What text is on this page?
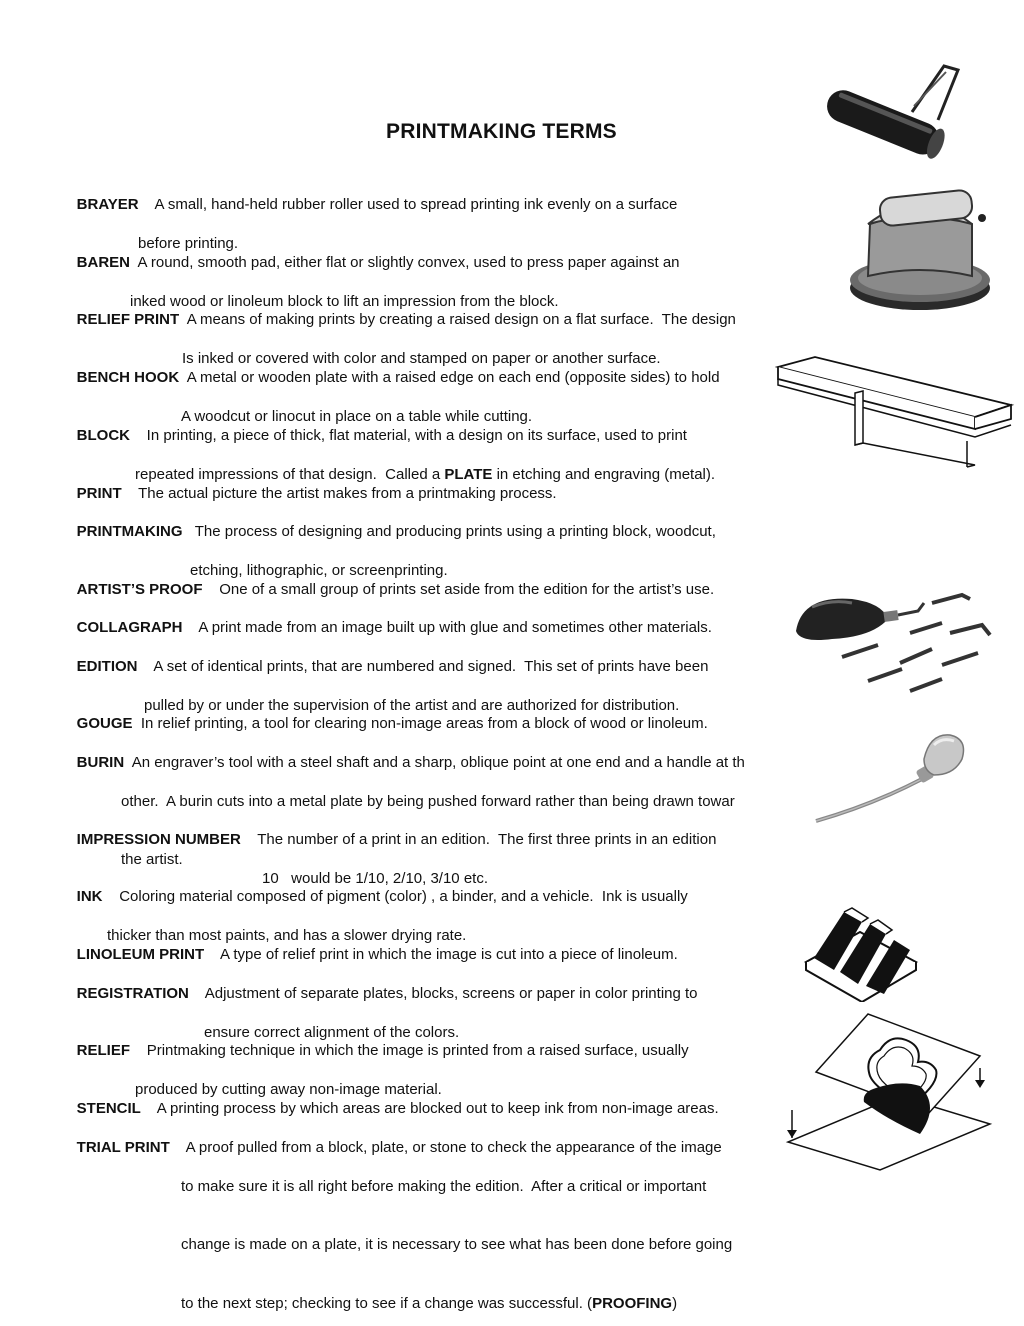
PRINTMAKING TERMS

BRAYER A small, hand-held rubber roller used to spread printing ink evenly on a surface

before printing.

BAREN A round, smooth pad, either flat or slightly convex, used to press paper against an

inked wood or linoleum block to lift an impression from the block.

RELIEF PRINT A means of making prints by creating a raised design on a flat surface.  The design

Is inked or covered with color and stamped on paper or another surface.

BENCH HOOK A metal or wooden plate with a raised edge on each end (opposite sides) to hold

A woodcut or linocut in place on a table while cutting.

BLOCK In printing, a piece of thick, flat material, with a design on its surface, used to print

repeated impressions of that design.  Called a PLATE in etching and engraving (metal).

PRINT The actual picture the artist makes from a printmaking process.

PRINTMAKING The process of designing and producing prints using a printing block, woodcut,

etching, lithographic, or screenprinting.

ARTIST’S PROOF One of a small group of prints set aside from the edition for the artist’s use.

COLLAGRAPH A print made from an image built up with glue and sometimes other materials.

EDITION A set of identical prints, that are numbered and signed.  This set of prints have been

pulled by or under the supervision of the artist and are authorized for distribution.

GOUGE In relief printing, a tool for clearing non-image areas from a block of wood or linoleum.

BURIN An engraver’s tool with a steel shaft and a sharp, oblique point at one end and a handle at th

other.  A burin cuts into a metal plate by being pushed forward rather than being drawn towar

the artist.

IMPRESSION NUMBER The number of a print in an edition.  The first three prints in an edition

10   would be 1/10, 2/10, 3/10 etc.

INK Coloring material composed of pigment (color) , a binder, and a vehicle.  Ink is usually

thicker than most paints, and has a slower drying rate.

LINOLEUM PRINT A type of relief print in which the image is cut into a piece of linoleum.

REGISTRATION Adjustment of separate plates, blocks, screens or paper in color printing to

ensure correct alignment of the colors.

RELIEF Printmaking technique in which the image is printed from a raised surface, usually

produced by cutting away non-image material.

STENCIL A printing process by which areas are blocked out to keep ink from non-image areas.

TRIAL PRINT A proof pulled from a block, plate, or stone to check the appearance of the image

to make sure it is all right before making the edition.  After a critical or important

change is made on a plate, it is necessary to see what has been done before going

to the next step; checking to see if a change was successful. (PROOFING)
